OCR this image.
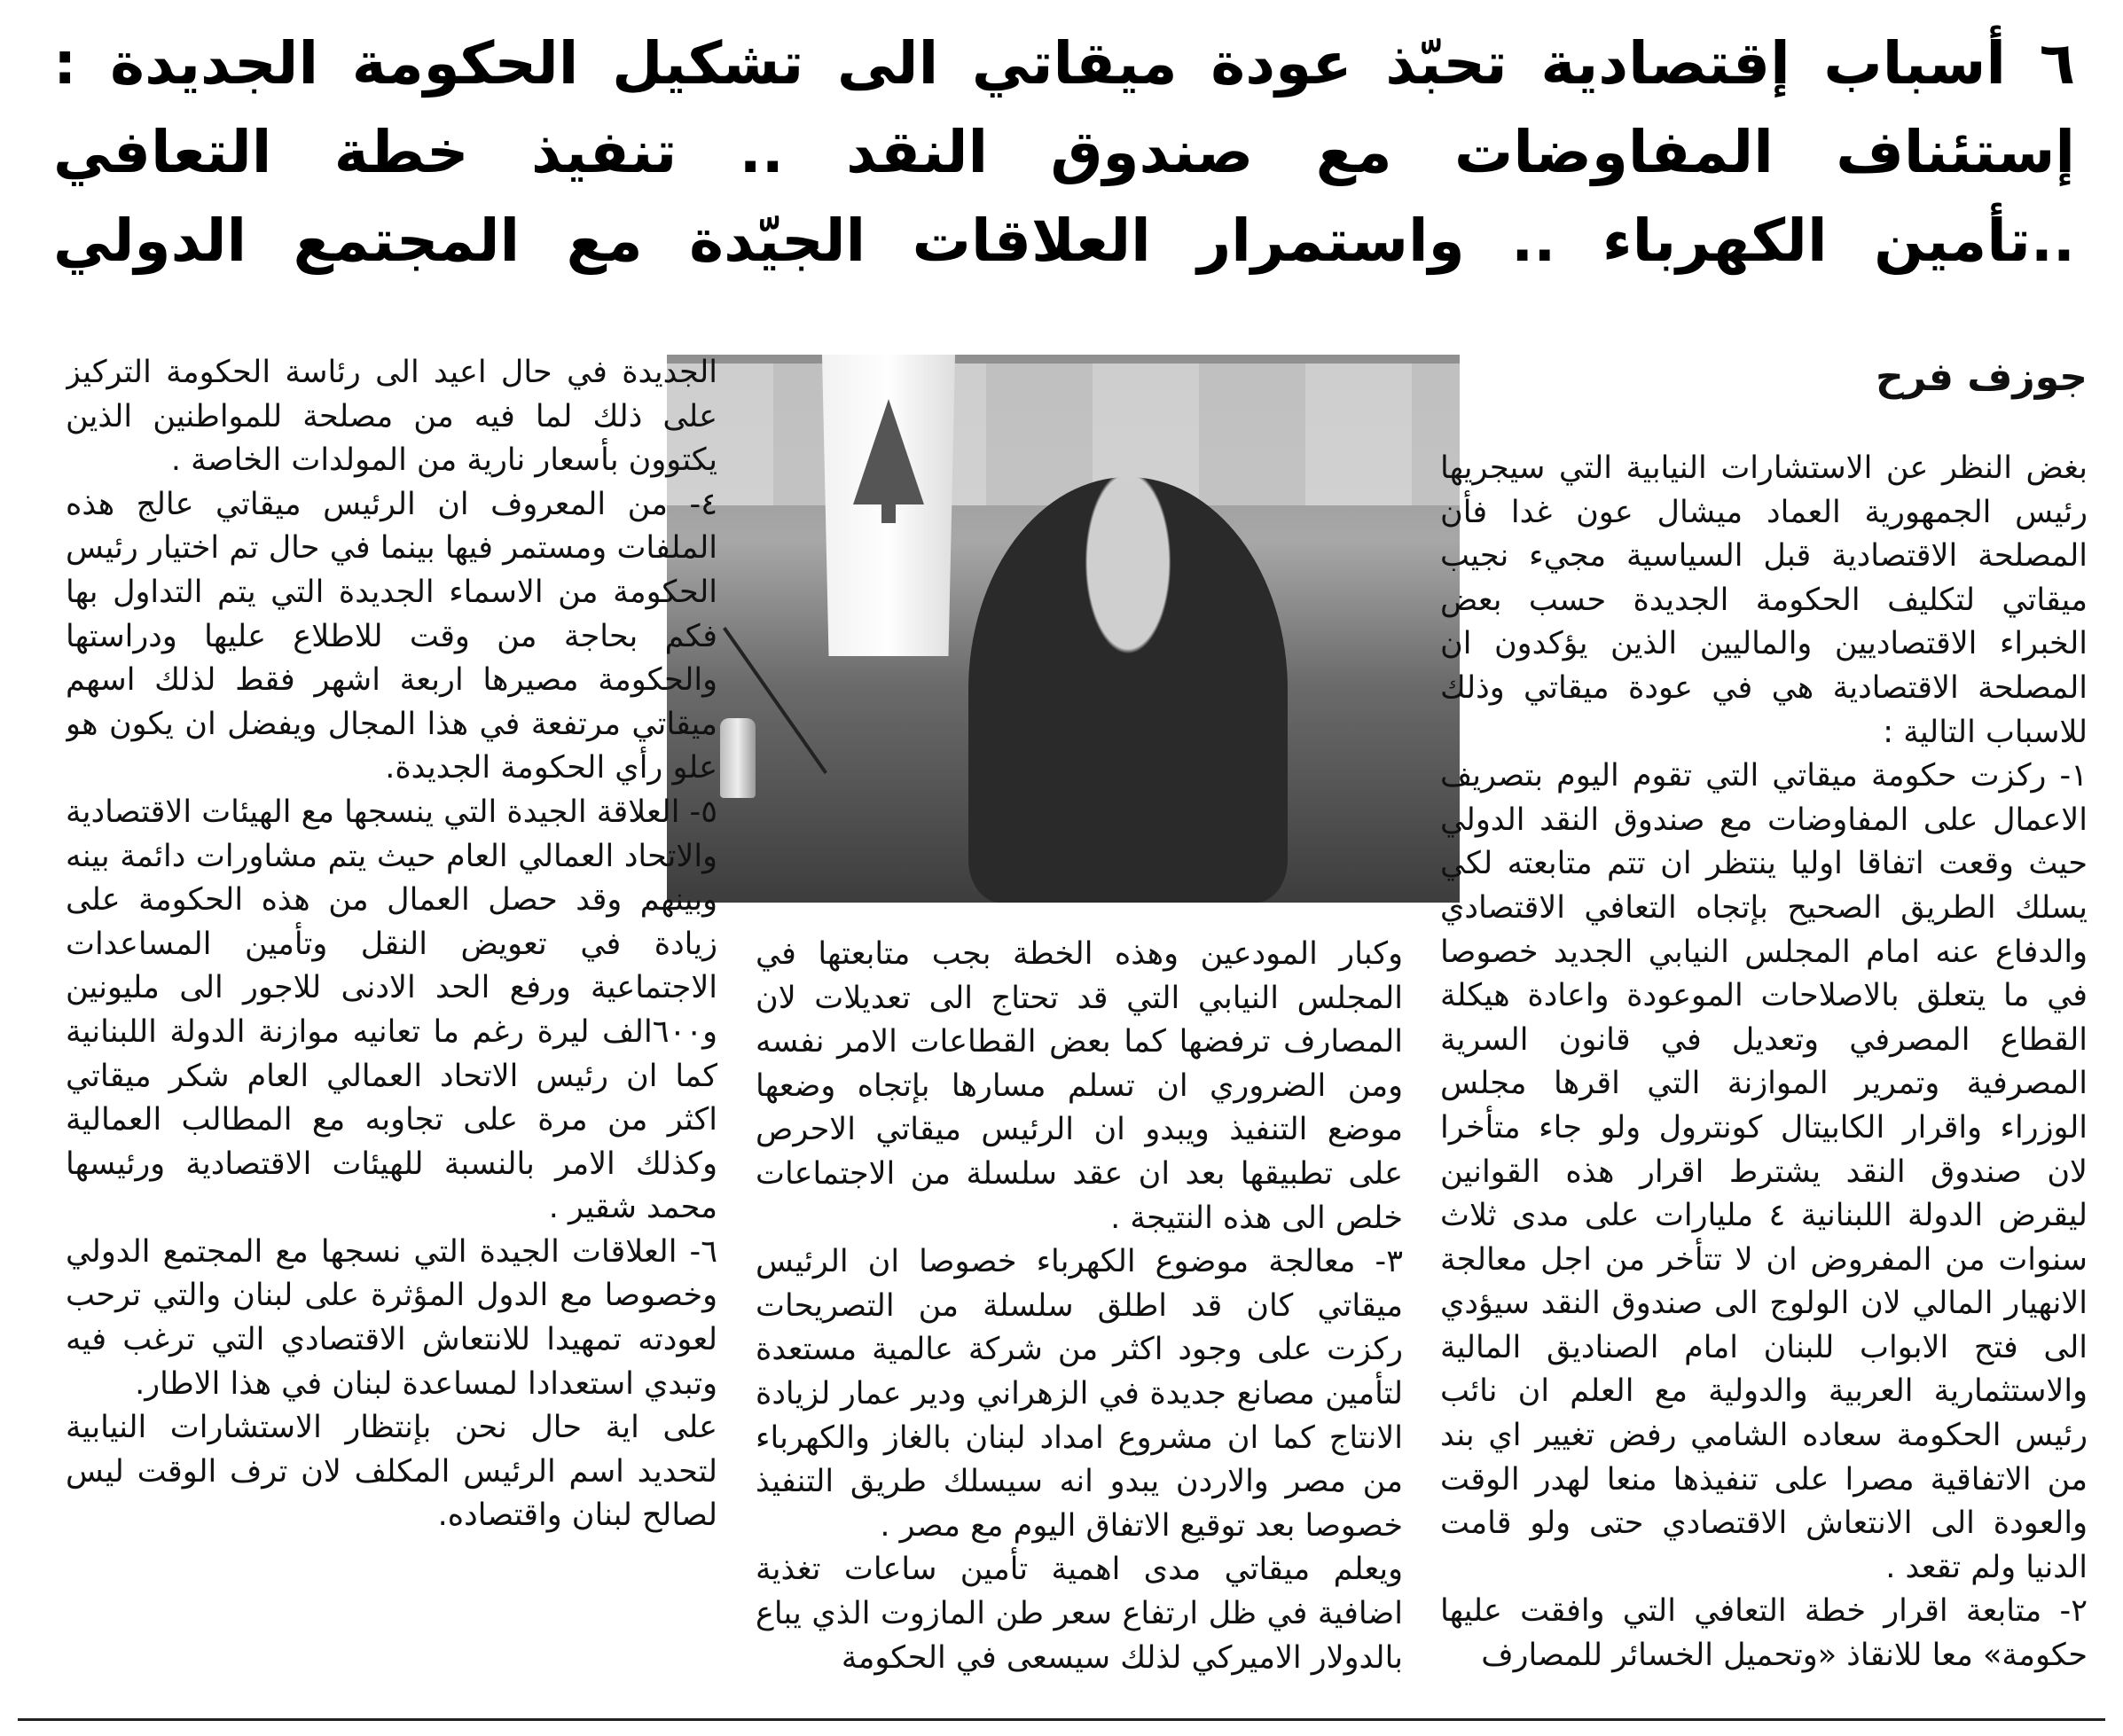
٦ أسباب إقتصادية تحبّذ عودة ميقاتي الى تشكيل الحكومة الجديدة :
إستئناف المفاوضات مع صندوق النقد .. تنفيذ خطة التعافي
..تأمين الكهرباء .. واستمرار العلاقات الجيّدة مع المجتمع الدولي
جوزف فرح

بغض النظر عن الاستشارات النيابية التي سيجريها رئيس الجمهورية العماد ميشال عون غدا فأن المصلحة الاقتصادية قبل السياسية مجيء نجيب ميقاتي لتكليف الحكومة الجديدة حسب بعض الخبراء الاقتصاديين والماليين الذين يؤكدون ان المصلحة الاقتصادية هي في عودة ميقاتي وذلك للاسباب التالية :

١- ركزت حكومة ميقاتي التي تقوم اليوم بتصريف الاعمال على المفاوضات مع صندوق النقد الدولي حيث وقعت اتفاقا اوليا ينتظر ان تتم متابعته لكي يسلك الطريق الصحيح بإتجاه التعافي الاقتصادي والدفاع عنه امام المجلس النيابي الجديد خصوصا في ما يتعلق بالاصلاحات الموعودة واعادة هيكلة القطاع المصرفي وتعديل في قانون السرية المصرفية وتمرير الموازنة التي اقرها مجلس الوزراء واقرار الكابيتال كونترول ولو جاء متأخرا لان صندوق النقد يشترط اقرار هذه القوانين ليقرض الدولة اللبنانية ٤ مليارات على مدى ثلاث سنوات من المفروض ان لا تتأخر من اجل معالجة الانهيار المالي لان الولوج الى صندوق النقد سيؤدي الى فتح الابواب للبنان امام الصناديق المالية والاستثمارية العربية والدولية مع العلم ان نائب رئيس الحكومة سعاده الشامي رفض تغيير اي بند من الاتفاقية مصرا على تنفيذها منعا لهدر الوقت والعودة الى الانتعاش الاقتصادي حتى ولو قامت الدنيا ولم تقعد .

٢- متابعة اقرار خطة التعافي التي وافقت عليها حكومة» معا للانقاذ «وتحميل الخسائر للمصارف

وكبار المودعين وهذه الخطة بجب متابعتها في المجلس النيابي التي قد تحتاج الى تعديلات لان المصارف ترفضها كما بعض القطاعات الامر نفسه ومن الضروري ان تسلم مسارها بإتجاه وضعها موضع التنفيذ ويبدو ان الرئيس ميقاتي الاحرص على تطبيقها بعد ان عقد سلسلة من الاجتماعات خلص الى هذه النتيجة .

٣- معالجة موضوع الكهرباء خصوصا ان الرئيس ميقاتي كان قد اطلق سلسلة من التصريحات ركزت على وجود اكثر من شركة عالمية مستعدة لتأمين مصانع جديدة في الزهراني ودير عمار لزيادة الانتاج كما ان مشروع امداد لبنان بالغاز والكهرباء من مصر والاردن يبدو انه سيسلك طريق التنفيذ خصوصا بعد توقيع الاتفاق اليوم مع مصر .

ويعلم ميقاتي مدى اهمية تأمين ساعات تغذية اضافية في ظل ارتفاع سعر طن المازوت الذي يباع بالدولار الاميركي لذلك سيسعى في الحكومة

الجديدة في حال اعيد الى رئاسة الحكومة التركيز على ذلك لما فيه من مصلحة للمواطنين الذين يكتوون بأسعار نارية من المولدات الخاصة .

٤- من المعروف ان الرئيس ميقاتي عالج هذه الملفات ومستمر فيها بينما في حال تم اختيار رئيس الحكومة من الاسماء الجديدة التي يتم التداول بها فكم بحاجة من وقت للاطلاع عليها ودراستها والحكومة مصيرها اربعة اشهر فقط لذلك اسهم ميقاتي مرتفعة في هذا المجال ويفضل ان يكون هو علو رأي الحكومة الجديدة.

٥- العلاقة الجيدة التي ينسجها مع الهيئات الاقتصادية والاتحاد العمالي العام حيث يتم مشاورات دائمة بينه وبينهم وقد حصل العمال من هذه الحكومة على زيادة في تعويض النقل وتأمين المساعدات الاجتماعية ورفع الحد الادنى للاجور الى مليونين و٦٠٠الف ليرة رغم ما تعانيه موازنة الدولة اللبنانية كما ان رئيس الاتحاد العمالي العام شكر ميقاتي اكثر من مرة على تجاوبه مع المطالب العمالية وكذلك الامر بالنسبة للهيئات الاقتصادية ورئيسها محمد شقير .

٦- العلاقات الجيدة التي نسجها مع المجتمع الدولي وخصوصا مع الدول المؤثرة على لبنان والتي ترحب لعودته تمهيدا للانتعاش الاقتصادي التي ترغب فيه وتبدي استعدادا لمساعدة لبنان في هذا الاطار.

على اية حال نحن بإنتظار الاستشارات النيابية لتحديد اسم الرئيس المكلف لان ترف الوقت ليس لصالح لبنان واقتصاده.
